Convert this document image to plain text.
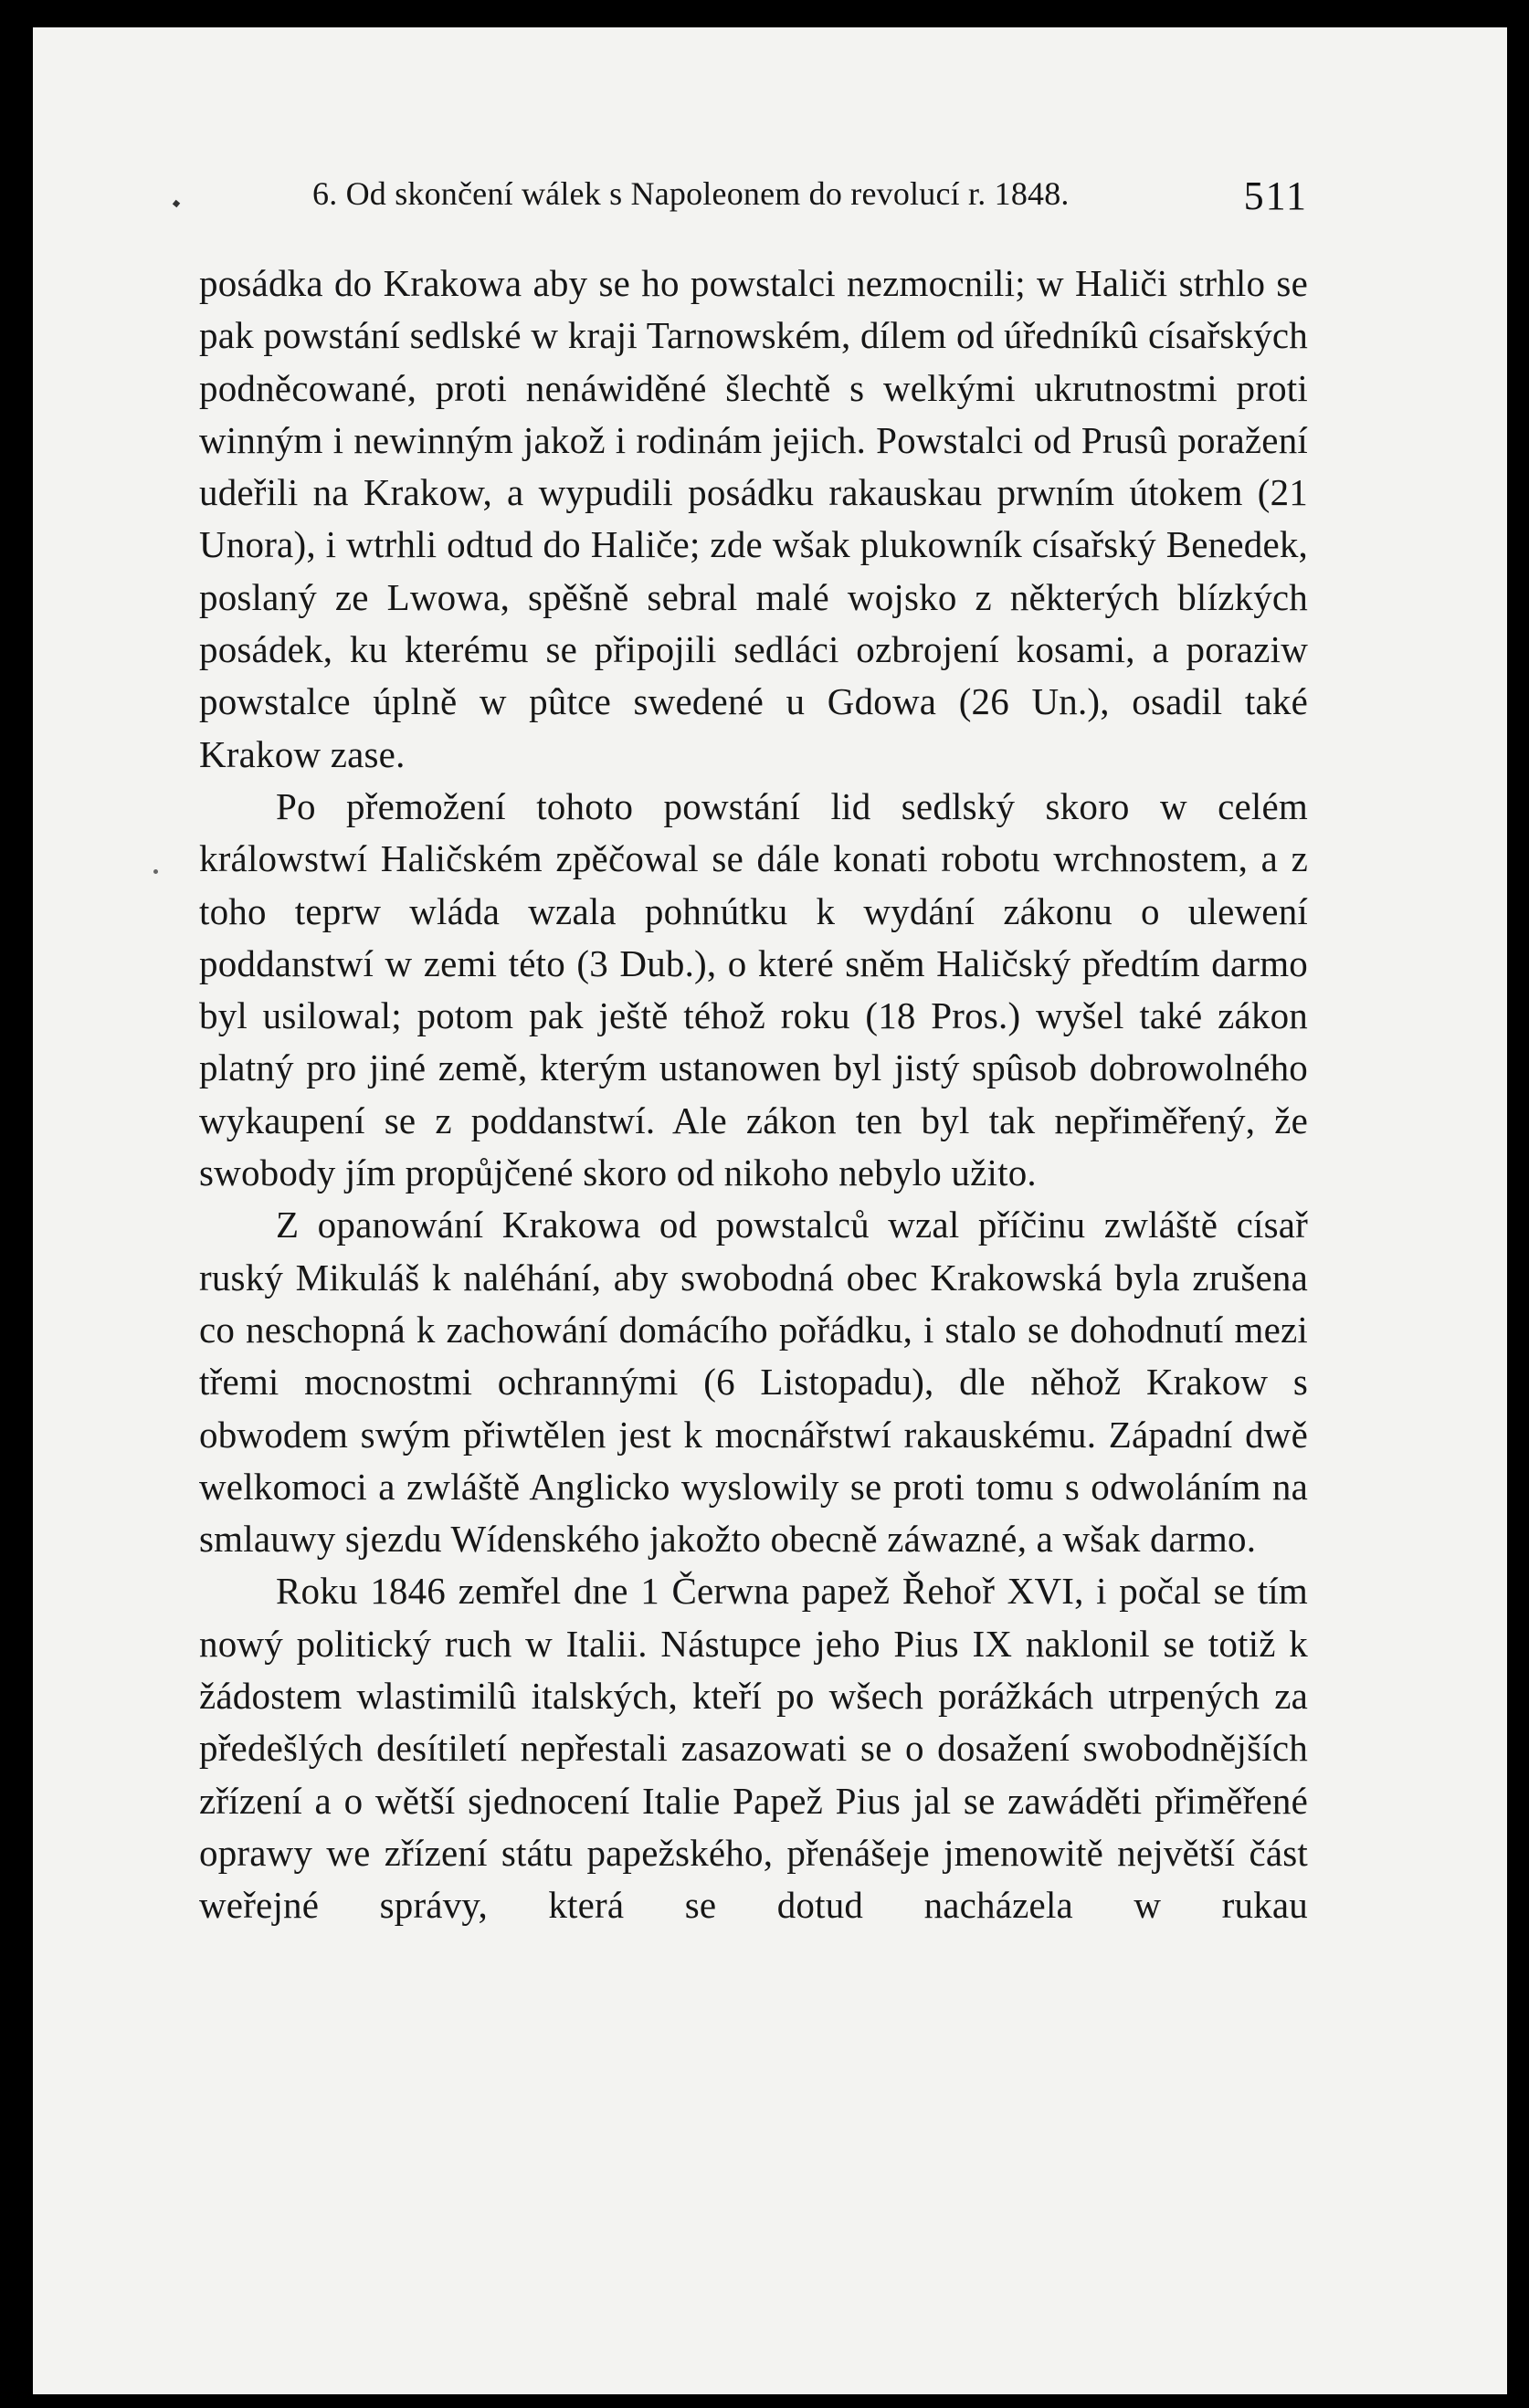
6. Od skončení wálek s Napoleonem do revolucí r. 1848.	511

posádka do Krakowa aby se ho powstalci nezmocnili; w Haliči strhlo se pak powstání sedlské w kraji Tarnowském, dílem od úředníkû císařských podněcowané, proti nenáwiděné šlechtě s welkými ukrutnostmi proti winným i newinným jakož i rodinám jejich. Powstalci od Prusû poražení udeřili na Krakow, a wypudili posádku rakauskau prwním útokem (21 Unora), i wtrhli odtud do Haliče; zde wšak plukowník císařský Benedek, poslaný ze Lwowa, spěšně sebral malé wojsko z některých blízkých posádek, ku kterému se připojili sedláci ozbrojení kosami, a poraziw powstalce úplně w pûtce swedené u Gdowa (26 Un.), osadil také Krakow zase.

Po přemožení tohoto powstání lid sedlský skoro w celém králowstwí Haličském zpěčowal se dále konati robotu wrchnostem, a z toho teprw wláda wzala pohnútku k wydání zákonu o ulewení poddanstwí w zemi této (3 Dub.), o které sněm Haličský předtím darmo byl usilowal; potom pak ještě téhož roku (18 Pros.) wyšel také zákon platný pro jiné země, kterým ustanowen byl jistý spûsob dobrowolného wykaupení se z poddanstwí. Ale zákon ten byl tak nepřiměřený, že swobody jím propůjčené skoro od nikoho nebylo užito.

Z opanowání Krakowa od powstalců wzal příčinu zwláště císař ruský Mikuláš k naléhání, aby swobodná obec Krakowská byla zrušena co neschopná k zachowání domácího pořádku, i stalo se dohodnutí mezi třemi mocnostmi ochrannými (6 Listopadu), dle něhož Krakow s obwodem swým přiwtělen jest k mocnářstwí rakauskému. Západní dwě welkomoci a zwláště Anglicko wyslowily se proti tomu s odwoláním na smlauwy sjezdu Wídenského jakožto obecně záwazné, a wšak darmo.

Roku 1846 zemřel dne 1 Čerwna papež Řehoř XVI, i počal se tím nowý politický ruch w Italii. Nástupce jeho Pius IX naklonil se totiž k žádostem wlastimilû italských, kteří po wšech porážkách utrpených za předešlých desítiletí nepřestali zasazowati se o dosažení swobodnějších zřízení a o wětší sjednocení Italie Papež Pius jal se zawáděti přiměřené oprawy we zřízení státu papežského, přenášeje jmenowitě největší část weřejné správy, která se dotud nacházela w rukau
